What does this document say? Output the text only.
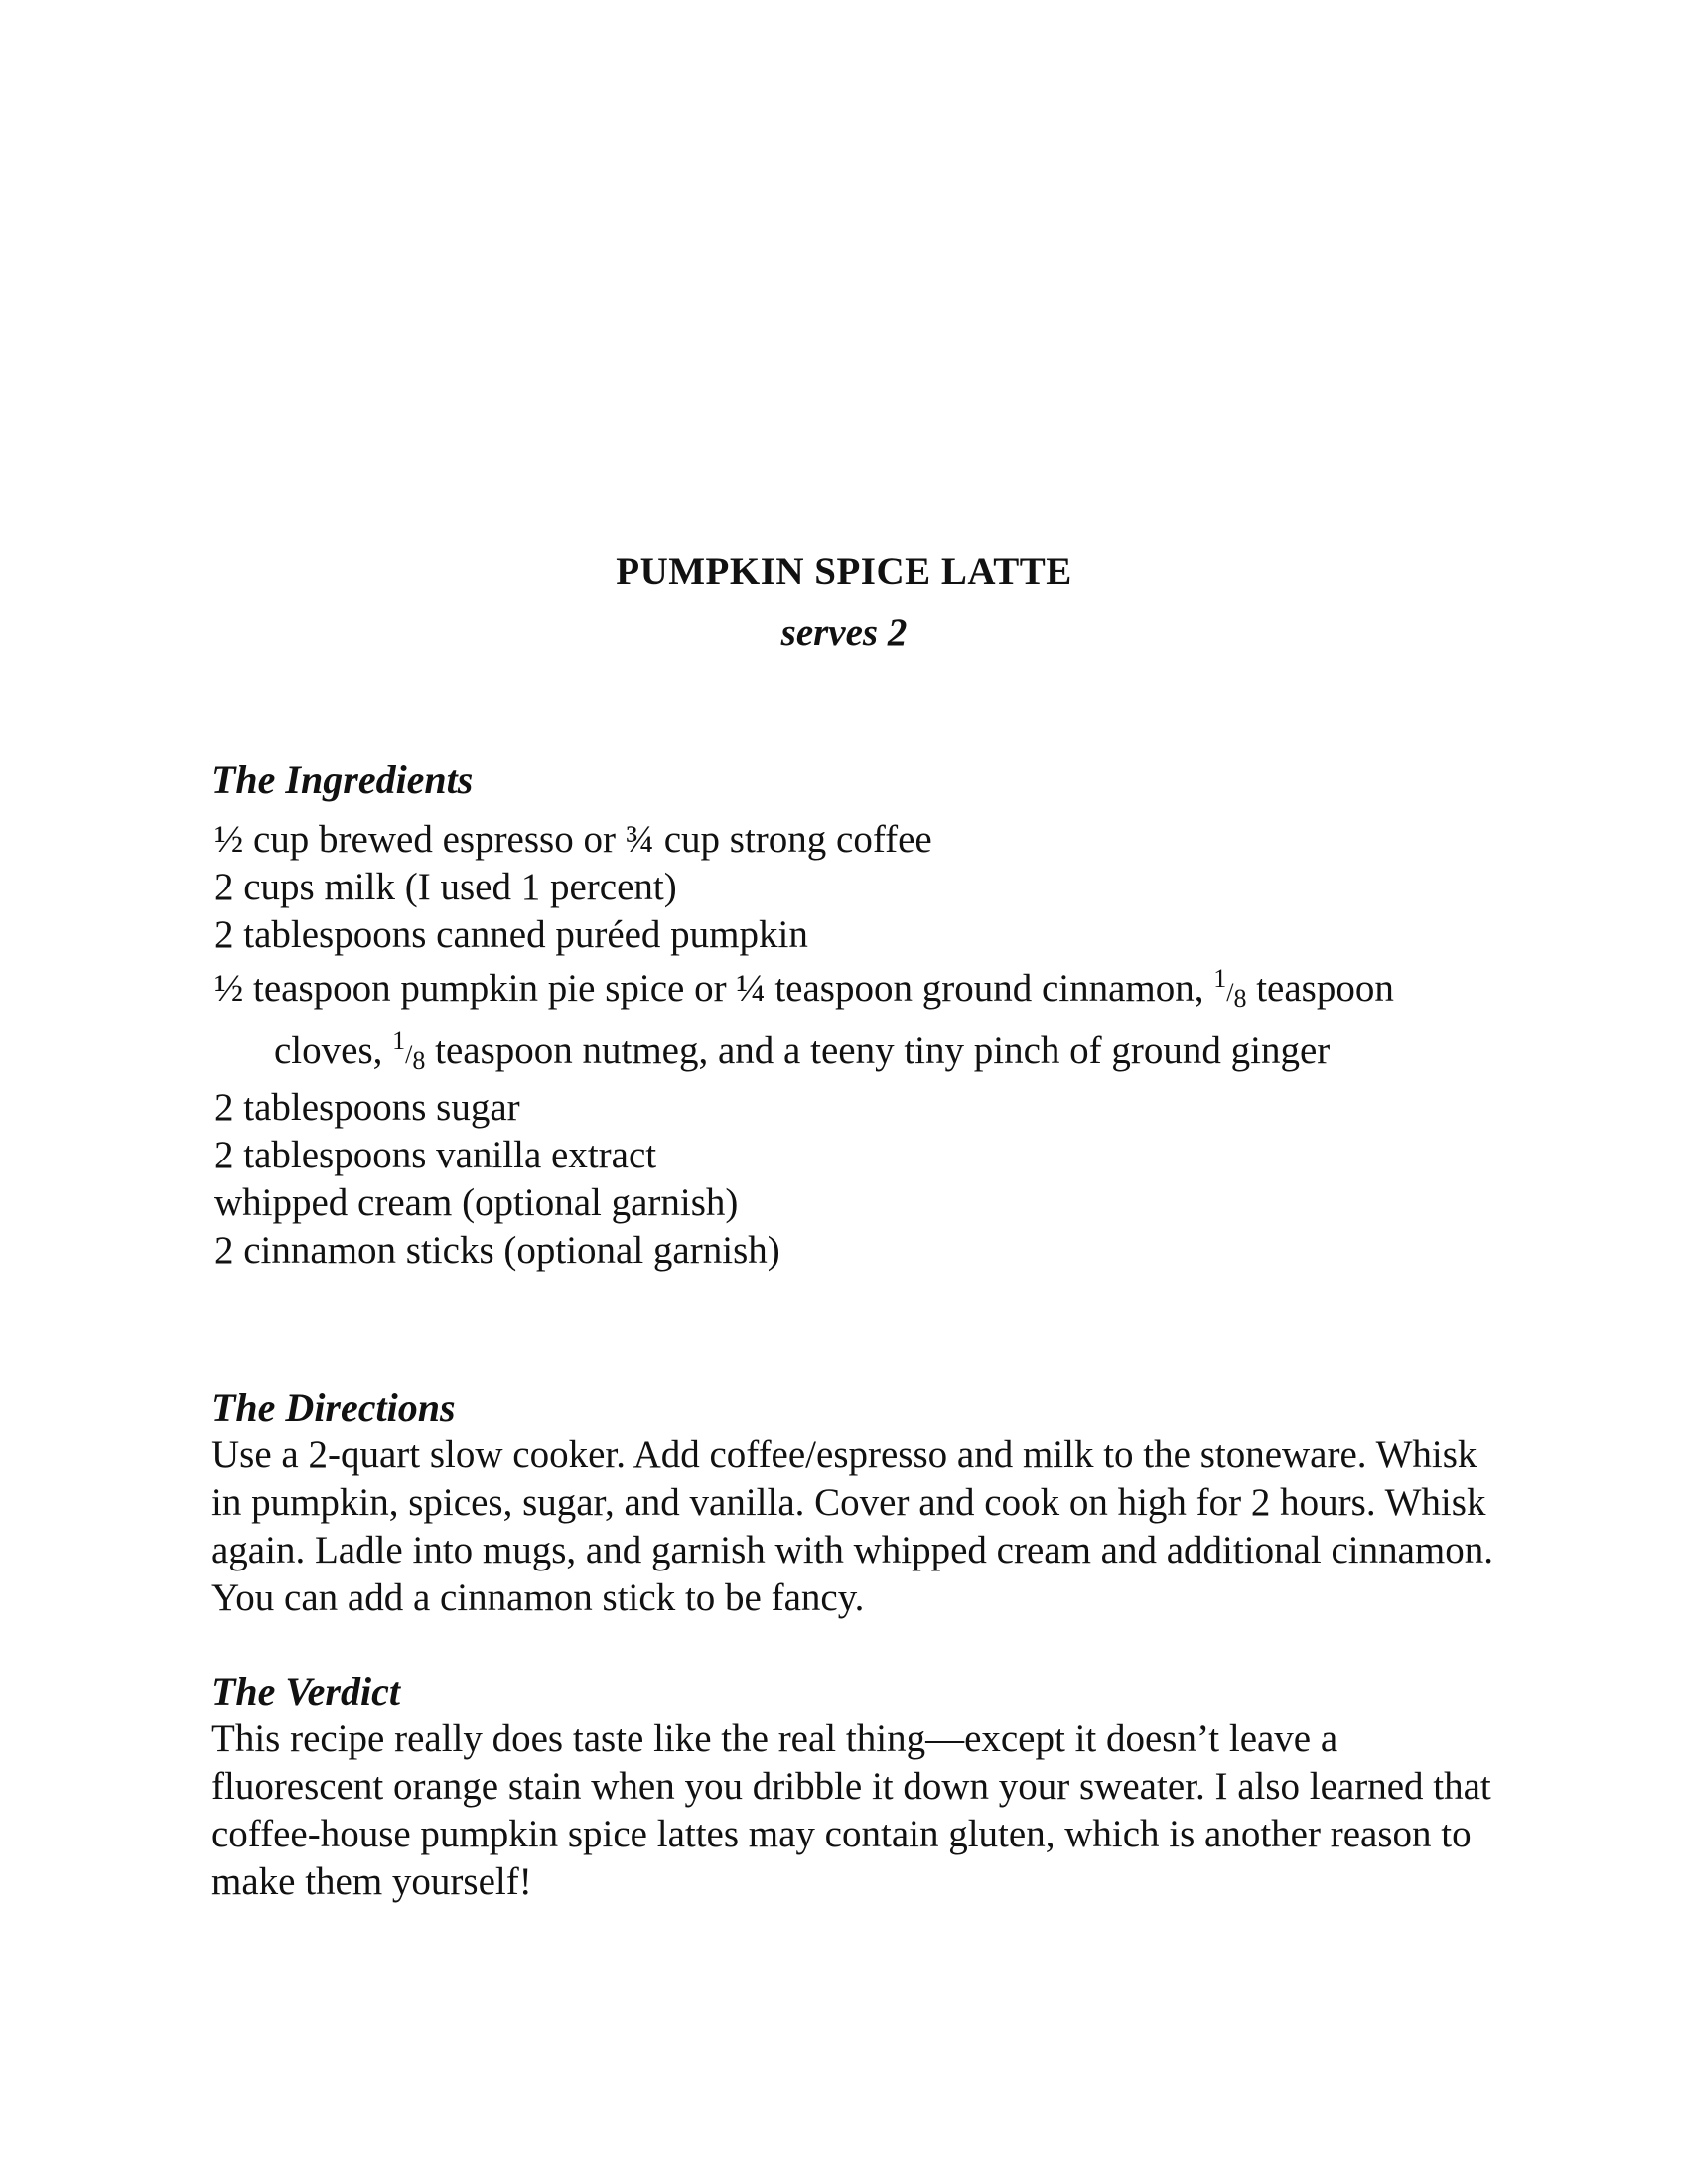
PUMPKIN SPICE LATTE
serves 2
The Ingredients
½ cup brewed espresso or ¾ cup strong coffee
2 cups milk (I used 1 percent)
2 tablespoons canned puréed pumpkin
½ teaspoon pumpkin pie spice or ¼ teaspoon ground cinnamon, 1/8 teaspoon cloves, 1/8 teaspoon nutmeg, and a teeny tiny pinch of ground ginger
2 tablespoons sugar
2 tablespoons vanilla extract
whipped cream (optional garnish)
2 cinnamon sticks (optional garnish)
The Directions

Use a 2-quart slow cooker. Add coffee/espresso and milk to the stoneware. Whisk in pumpkin, spices, sugar, and vanilla. Cover and cook on high for 2 hours. Whisk again. Ladle into mugs, and garnish with whipped cream and additional cinnamon. You can add a cinnamon stick to be fancy.

The Verdict

This recipe really does taste like the real thing—except it doesn’t leave a fluorescent orange stain when you dribble it down your sweater. I also learned that coffee-house pumpkin spice lattes may contain gluten, which is another reason to make them yourself!
